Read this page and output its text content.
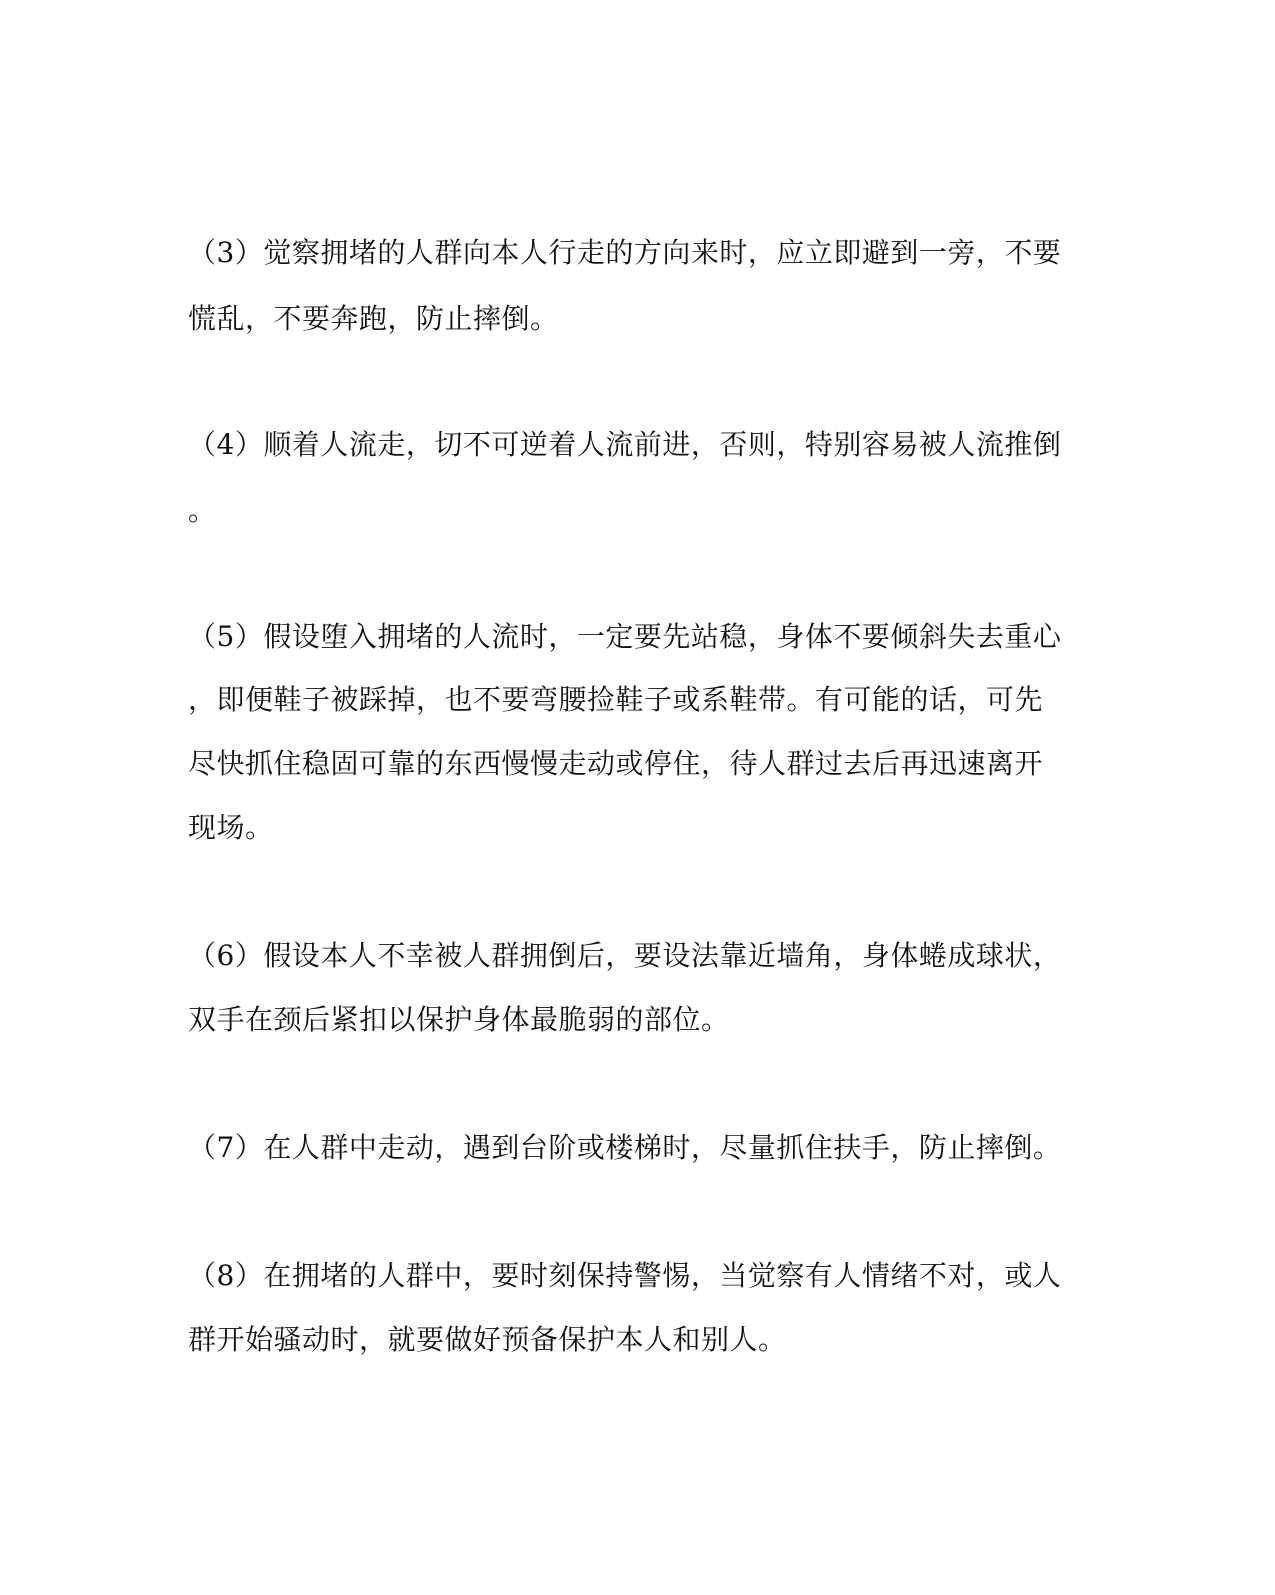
（3）觉察拥堵的人群向本人行走的方向来时，应立即避到一旁，不要
慌乱，不要奔跑，防止摔倒。
（4）顺着人流走，切不可逆着人流前进，否则，特别容易被人流推倒
。
（5）假设堕入拥堵的人流时，一定要先站稳，身体不要倾斜失去重心
，即便鞋子被踩掉，也不要弯腰捡鞋子或系鞋带。有可能的话，可先
尽快抓住稳固可靠的东西慢慢走动或停住，待人群过去后再迅速离开
现场。
（6）假设本人不幸被人群拥倒后，要设法靠近墙角，身体蜷成球状，
双手在颈后紧扣以保护身体最脆弱的部位。
（7）在人群中走动，遇到台阶或楼梯时，尽量抓住扶手，防止摔倒。
（8）在拥堵的人群中，要时刻保持警惕，当觉察有人情绪不对，或人
群开始骚动时，就要做好预备保护本人和别人。
